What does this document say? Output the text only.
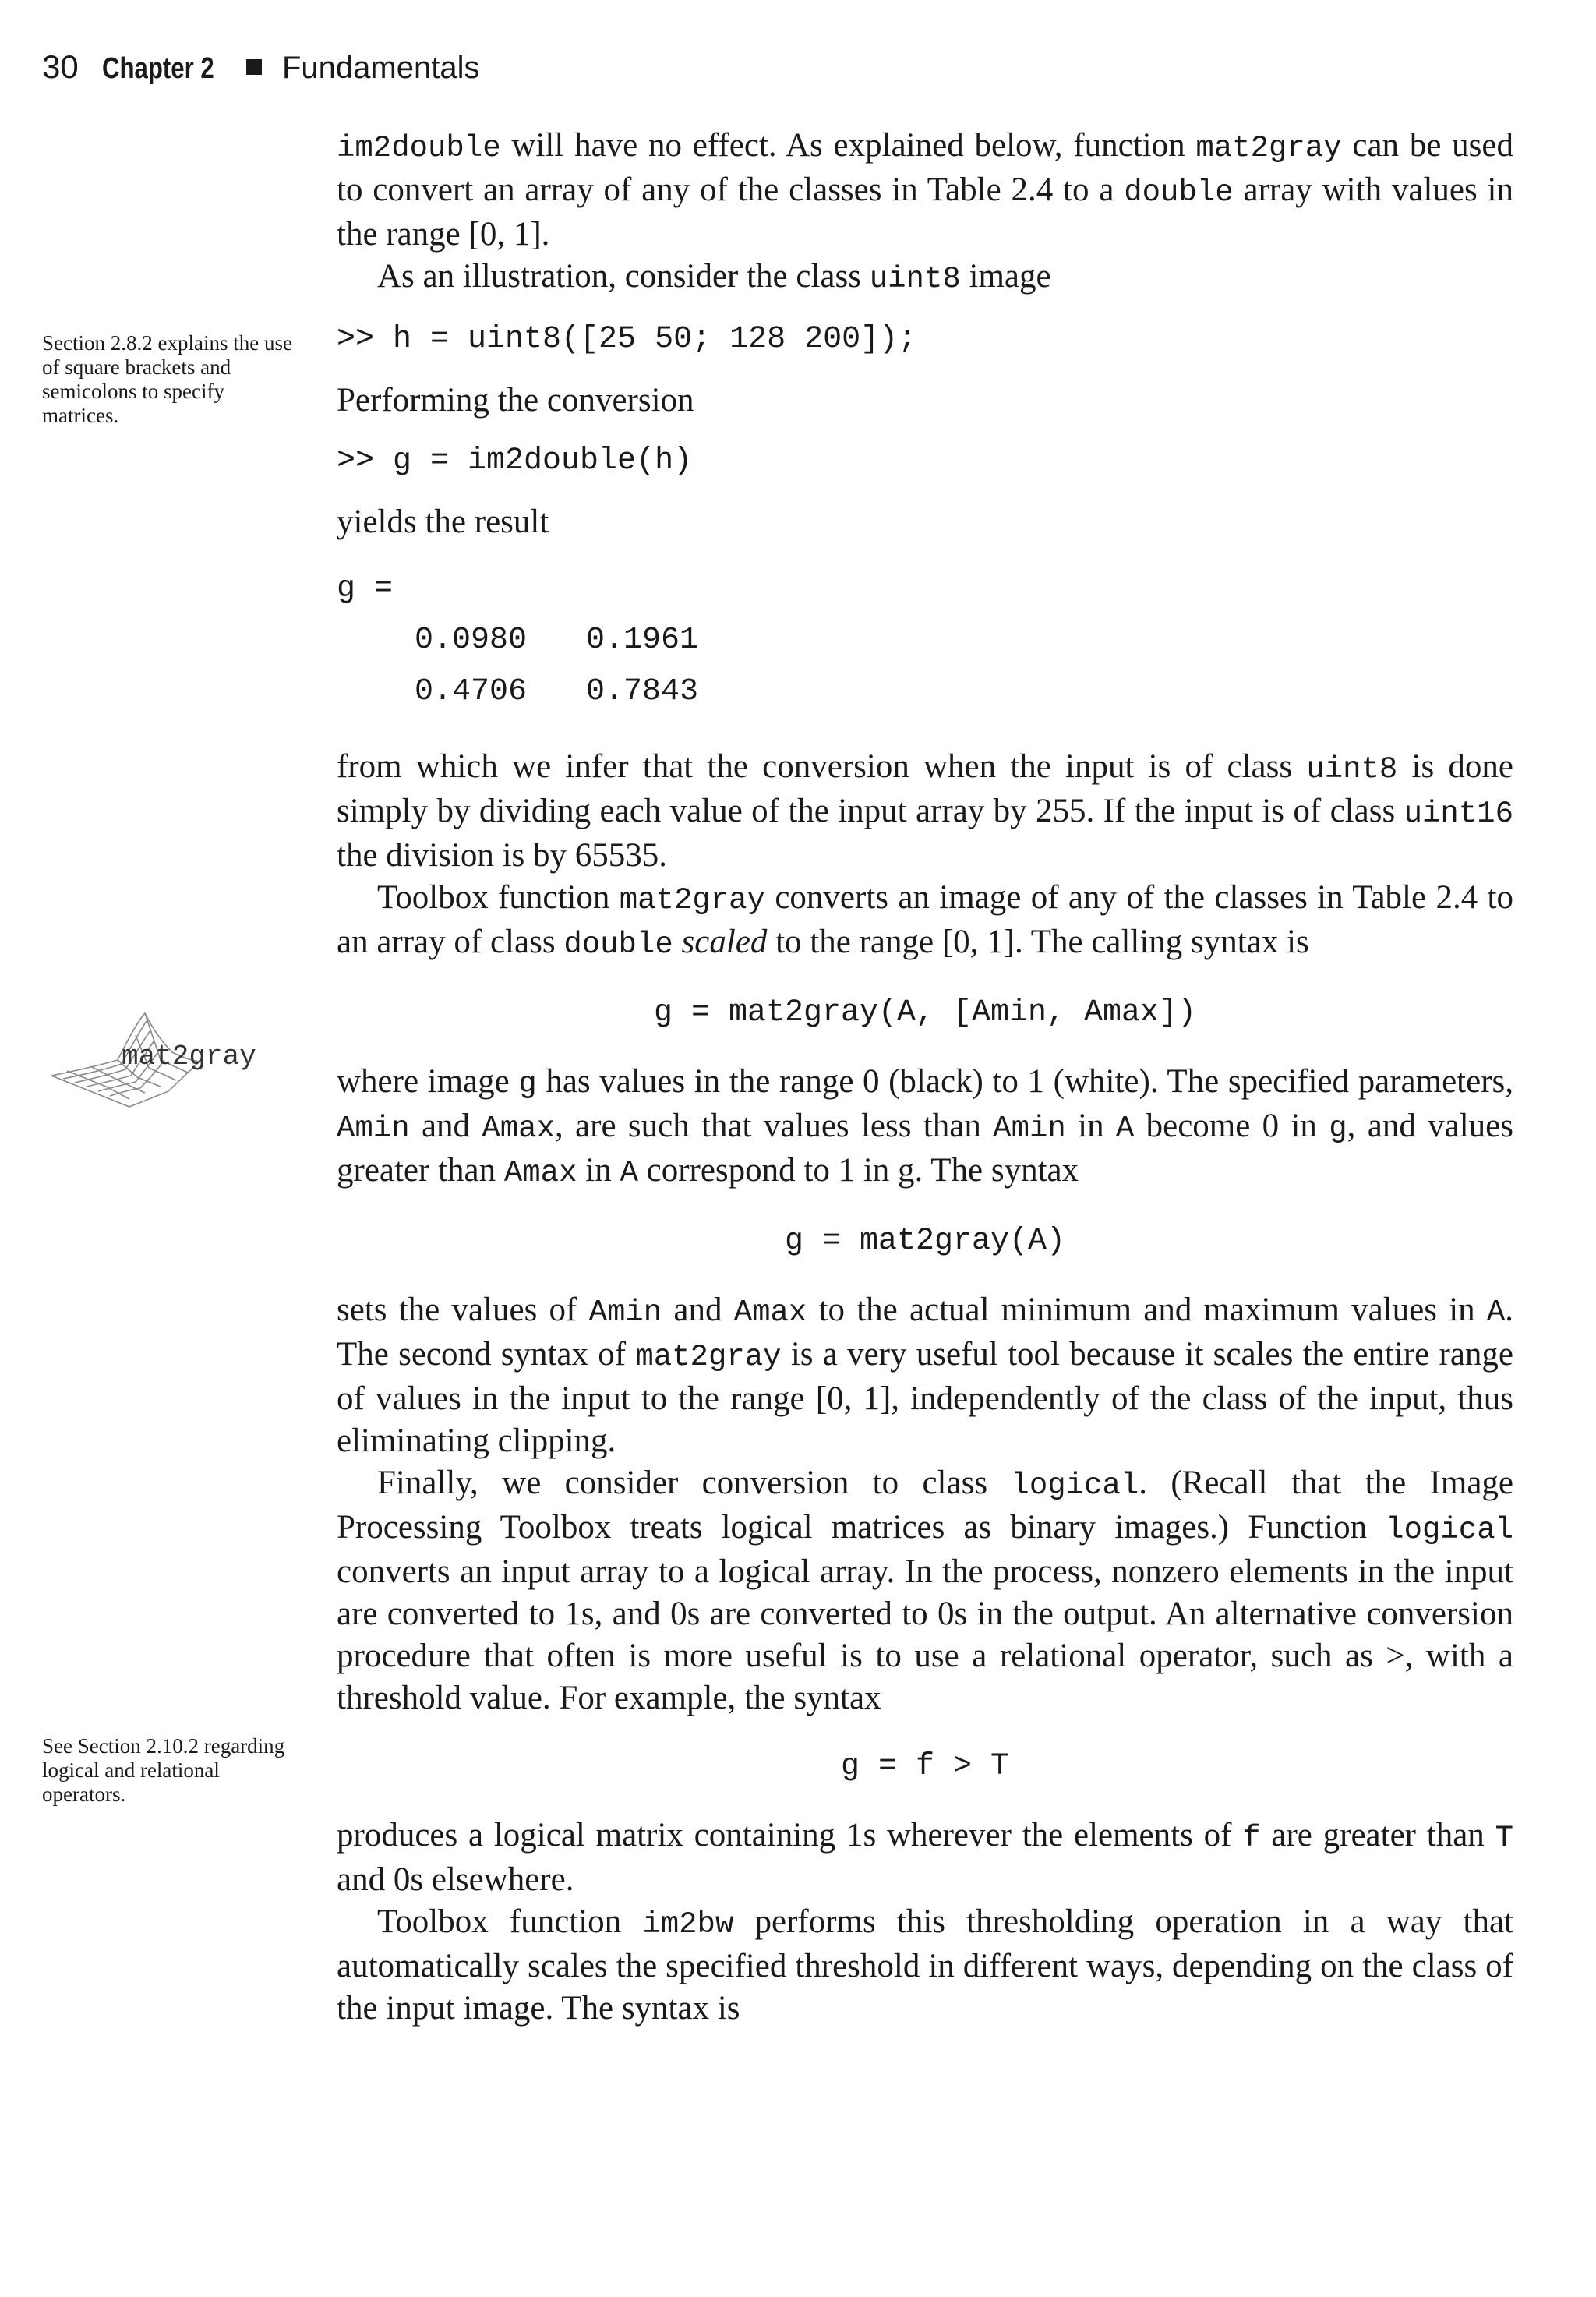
30 Chapter 2 Fundamentals
Section 2.8.2 explains the use of square brackets and semicolons to specify matrices.
mat2gray
See Section 2.10.2 regarding logical and relational operators.

im2double will have no effect. As explained below, function mat2gray can be used to convert an array of any of the classes in Table 2.4 to a double array with values in the range [0, 1].

As an illustration, consider the class uint8 image

>> h = uint8([25 50; 128 200]);

Performing the conversion

>> g = im2double(h)

yields the result

g =
0.0980	0.1961
0.4706	0.7843

from which we infer that the conversion when the input is of class uint8 is done simply by dividing each value of the input array by 255. If the input is of class uint16 the division is by 65535.

Toolbox function mat2gray converts an image of any of the classes in Table 2.4 to an array of class double scaled to the range [0, 1]. The calling syntax is

g = mat2gray(A, [Amin, Amax])

where image g has values in the range 0 (black) to 1 (white). The specified parameters, Amin and Amax, are such that values less than Amin in A become 0 in g, and values greater than Amax in A correspond to 1 in g. The syntax

g = mat2gray(A)

sets the values of Amin and Amax to the actual minimum and maximum values in A. The second syntax of mat2gray is a very useful tool because it scales the entire range of values in the input to the range [0, 1], independently of the class of the input, thus eliminating clipping.

Finally, we consider conversion to class logical. (Recall that the Image Processing Toolbox treats logical matrices as binary images.) Function logical converts an input array to a logical array. In the process, nonzero elements in the input are converted to 1s, and 0s are converted to 0s in the output. An alternative conversion procedure that often is more useful is to use a relational operator, such as >, with a threshold value. For example, the syntax

g = f > T

produces a logical matrix containing 1s wherever the elements of f are greater than T and 0s elsewhere.

Toolbox function im2bw performs this thresholding operation in a way that automatically scales the specified threshold in different ways, depending on the class of the input image. The syntax is
